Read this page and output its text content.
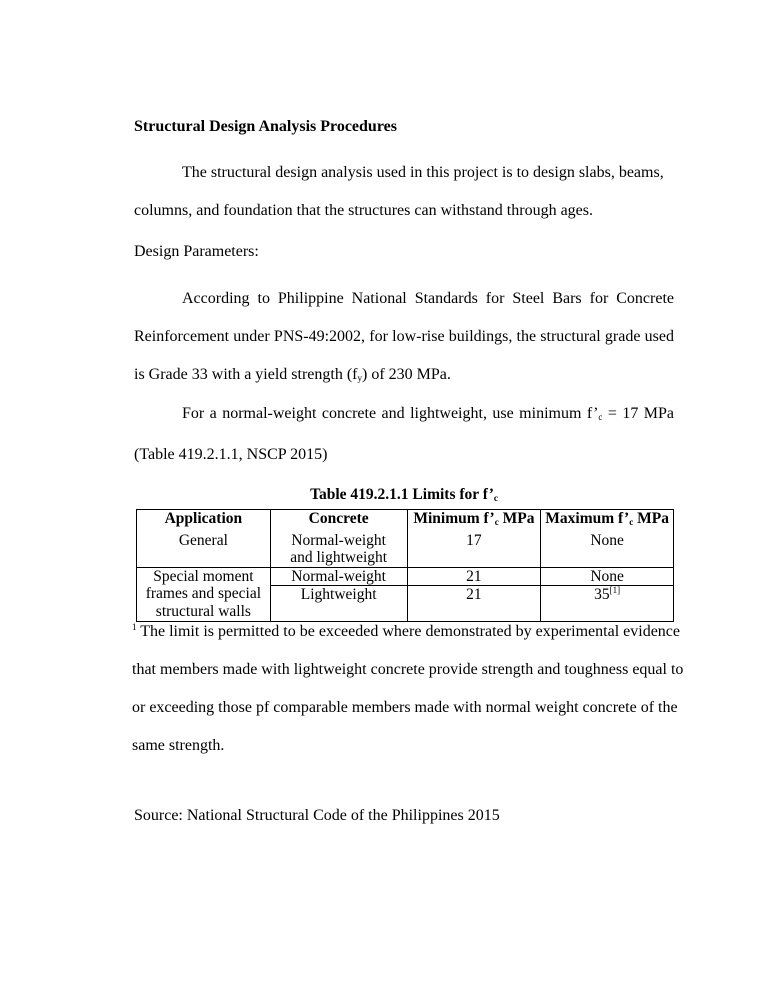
Structural Design Analysis Procedures

The structural design analysis used in this project is to design slabs, beams, columns, and foundation that the structures can withstand through ages.

Design Parameters:

According to Philippine National Standards for Steel Bars for Concrete Reinforcement under PNS-49:2002, for low-rise buildings, the structural grade used is Grade 33 with a yield strength $(f_y)$ of 230 MPa.

For a normal-weight concrete and lightweight, use minimum $f’_c = 17$ MPa (Table 419.2.1.1, NSCP 2015)

Table 419.2.1.1 Limits for $f’_c$
Application	Concrete	Minimum $f’_c$ MPa	Maximum $f’_c$ MPa
General	Normal-weight and lightweight	17	None
Special moment frames and special structural walls	Normal-weight	21	None
	Lightweight	21	35[1]

$^1$ The limit is permitted to be exceeded where demonstrated by experimental evidence that members made with lightweight concrete provide strength and toughness equal to or exceeding those pf comparable members made with normal weight concrete of the same strength.

Source: National Structural Code of the Philippines 2015
